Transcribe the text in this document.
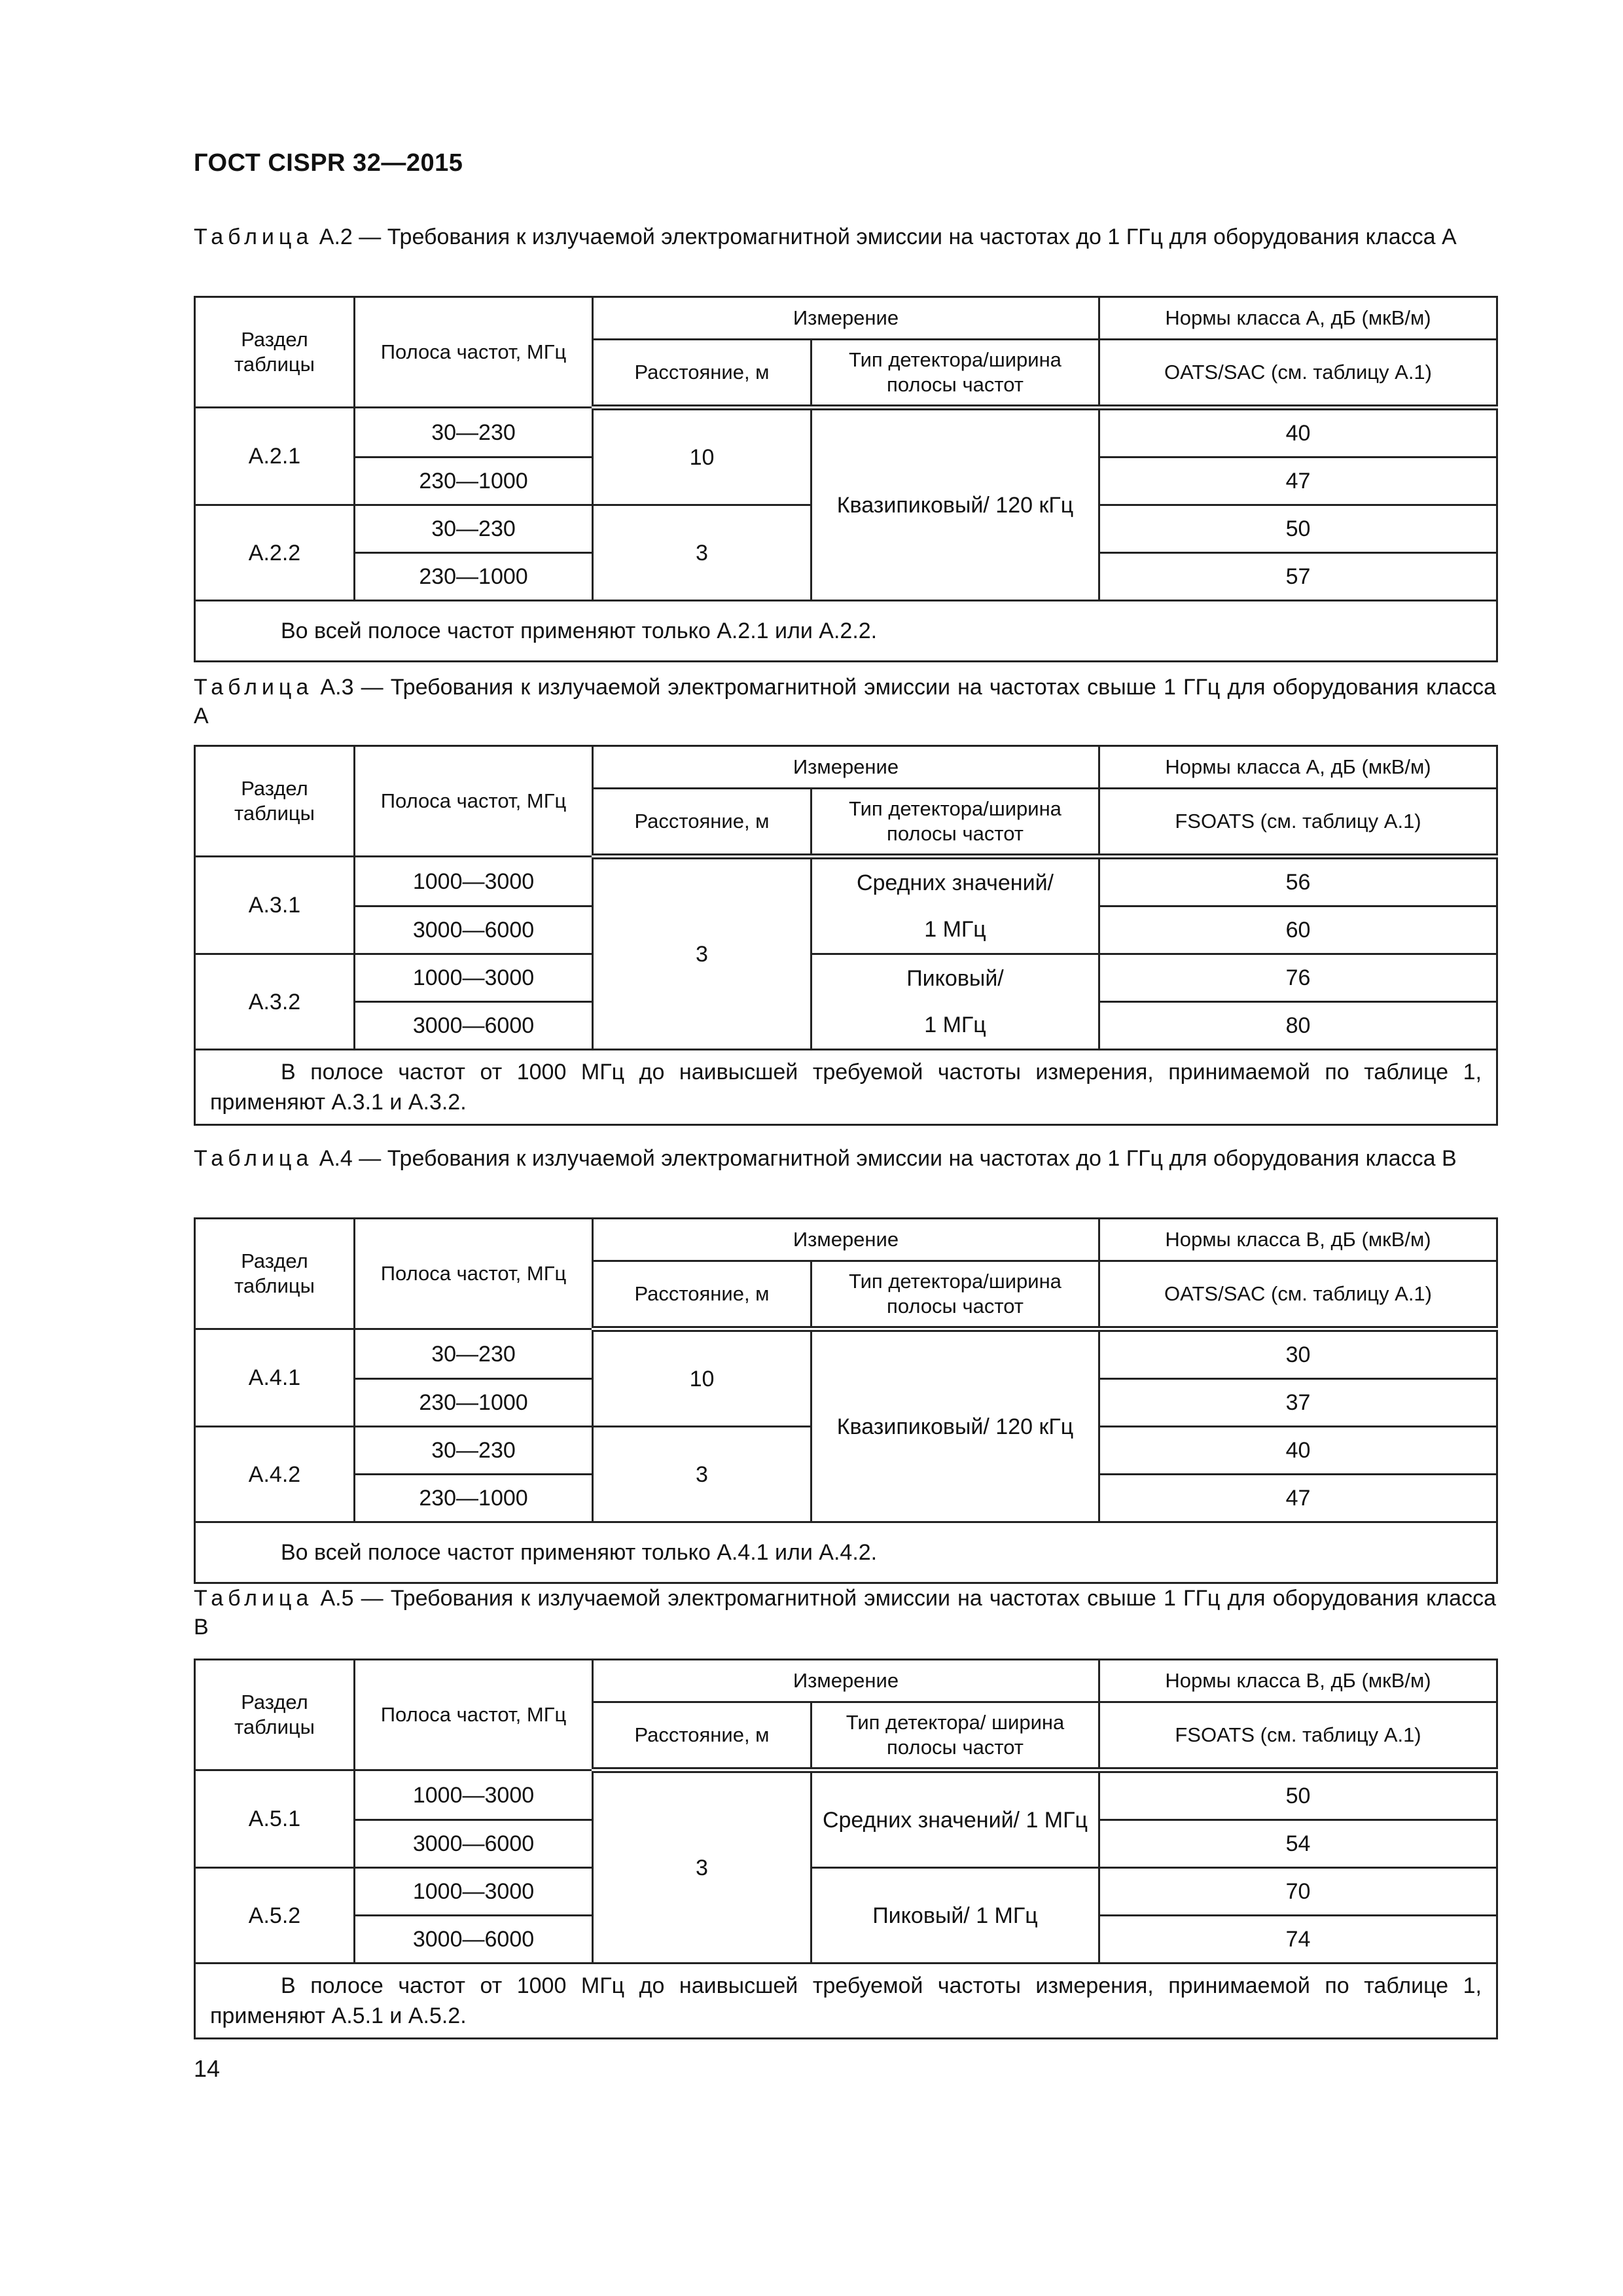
ГОСТ CISPR 32—2015
Таблица А.2 — Требования к излучаемой электромагнитной эмиссии на частотах до 1 ГГц для оборудования класса А
Раздел таблицы	Полоса частот, МГц	Измерение		Нормы класса А, дБ (мкВ/м)
		Расстояние, м	Тип детектора/ширина полосы частот	OATS/SAC (см. таблицу А.1)
А.2.1	30—230	10	Квазипиковый/ 120 кГц	40
	230—1000			47
А.2.2	30—230	3		50
	230—1000			57
Во всей полосе частот применяют только А.2.1 или А.2.2.				
Таблица А.3 — Требования к излучаемой электромагнитной эмиссии на частотах свыше 1 ГГц для оборудования класса А
Раздел таблицы	Полоса частот, МГц	Измерение		Нормы класса А, дБ (мкВ/м)
		Расстояние, м	Тип детектора/ширина полосы частот	FSOATS (см. таблицу А.1)
А.3.1	1000—3000	3	Средних значений/	56
	3000—6000		1 МГц	60
А.3.2	1000—3000		Пиковый/	76
	3000—6000		1 МГц	80
В полосе частот от 1000 МГц до наивысшей требуемой частоты измерения, принимаемой по таблице 1, применяют А.3.1 и А.3.2.				
Таблица А.4 — Требования к излучаемой электромагнитной эмиссии на частотах до 1 ГГц для оборудования класса В
Раздел таблицы	Полоса частот, МГц	Измерение		Нормы класса В, дБ (мкВ/м)
		Расстояние, м	Тип детектора/ширина полосы частот	OATS/SAC (см. таблицу А.1)
А.4.1	30—230	10	Квазипиковый/ 120 кГц	30
	230—1000			37
А.4.2	30—230	3		40
	230—1000			47
Во всей полосе частот применяют только А.4.1 или А.4.2.				
Таблица А.5 — Требования к излучаемой электромагнитной эмиссии на частотах свыше 1 ГГц для оборудования класса В
Раздел таблицы	Полоса частот, МГц	Измерение		Нормы класса В, дБ (мкВ/м)
		Расстояние, м	Тип детектора/ ширина полосы частот	FSOATS (см. таблицу А.1)
А.5.1	1000—3000	3	Средних значений/ 1 МГц	50
	3000—6000			54
А.5.2	1000—3000		Пиковый/ 1 МГц	70
	3000—6000			74
В полосе частот от 1000 МГц до наивысшей требуемой частоты измерения, принимаемой по таблице 1, применяют А.5.1 и А.5.2.				
14
